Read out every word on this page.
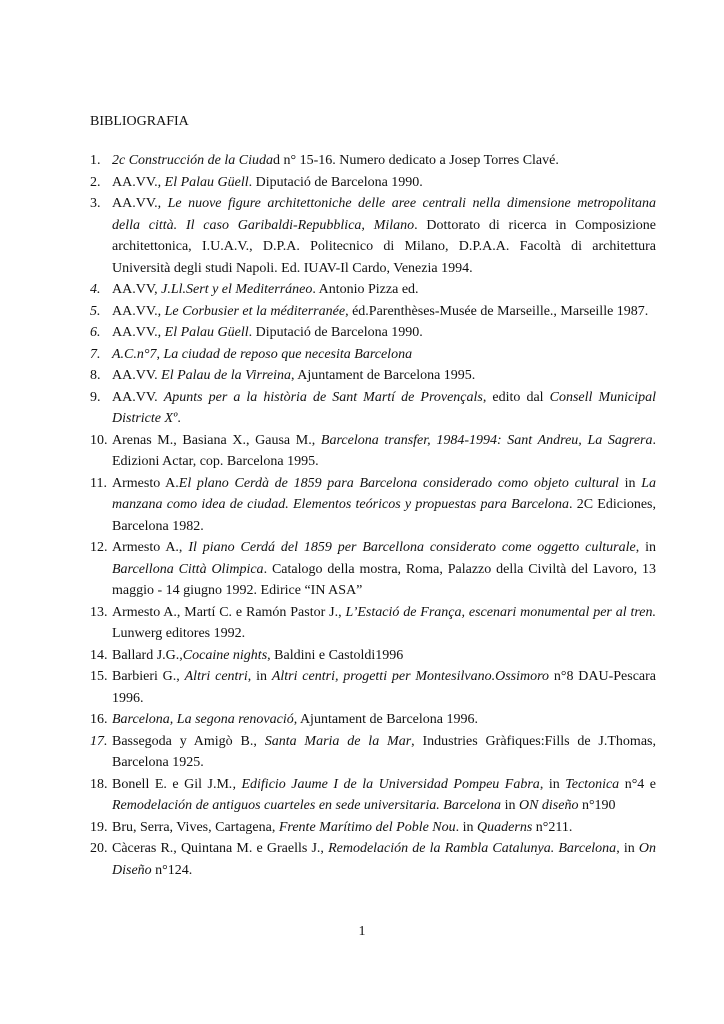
BIBLIOGRAFIA
1. 2c Construcción de la Ciudad n° 15-16. Numero dedicato a Josep Torres Clavé.
2. AA.VV., El Palau Güell. Diputació de Barcelona 1990.
3. AA.VV., Le nuove figure architettoniche delle aree centrali nella dimensione metropolitana della città. Il caso Garibaldi-Repubblica, Milano. Dottorato di ricerca in Composizione architettonica, I.U.A.V., D.P.A. Politecnico di Milano, D.P.A.A. Facoltà di architettura Università degli studi Napoli. Ed. IUAV-Il Cardo, Venezia 1994.
4. AA.VV, J.Ll.Sert y el Mediterráneo. Antonio Pizza ed.
5. AA.VV., Le Corbusier et la méditerranée, éd.Parenthèses-Musée de Marseille., Marseille 1987.
6. AA.VV., El Palau Güell. Diputació de Barcelona 1990.
7. A.C.n°7, La ciudad de reposo que necesita Barcelona
8. AA.VV. El Palau de la Virreina, Ajuntament de Barcelona 1995.
9. AA.VV. Apunts per a la història de Sant Martí de Provençals, edito dal Consell Municipal Districte Xº.
10. Arenas M., Basiana X., Gausa M., Barcelona transfer, 1984-1994: Sant Andreu, La Sagrera. Edizioni Actar, cop. Barcelona 1995.
11. Armesto A.El plano Cerdà de 1859 para Barcelona considerado como objeto cultural in La manzana como idea de ciudad. Elementos teóricos y propuestas para Barcelona. 2C Ediciones, Barcelona 1982.
12. Armesto A., Il piano Cerdá del 1859 per Barcellona considerato come oggetto culturale, in Barcellona Città Olimpica. Catalogo della mostra, Roma, Palazzo della Civiltà del Lavoro, 13 maggio - 14 giugno 1992. Edirice “IN ASA”
13. Armesto A., Martí C. e Ramón Pastor J., L’Estació de França, escenari monumental per al tren. Lunwerg editores 1992.
14. Ballard J.G.,Cocaine nights, Baldini e Castoldi1996
15. Barbieri G., Altri centri, in Altri centri, progetti per Montesilvano.Ossimoro n°8 DAU-Pescara 1996.
16. Barcelona, La segona renovació, Ajuntament de Barcelona 1996.
17. Bassegoda y Amigò B., Santa Maria de la Mar, Industries Gràfiques:Fills de J.Thomas, Barcelona 1925.
18. Bonell E. e Gil J.M., Edificio Jaume I de la Universidad Pompeu Fabra, in Tectonica n°4 e Remodelación de antiguos cuarteles en sede universitaria. Barcelona in ON diseño n°190
19. Bru, Serra, Vives, Cartagena, Frente Marítimo del Poble Nou. in Quaderns n°211.
20. Càceras R., Quintana M. e Graells J., Remodelación de la Rambla Catalunya. Barcelona, in On Diseño n°124.
1
